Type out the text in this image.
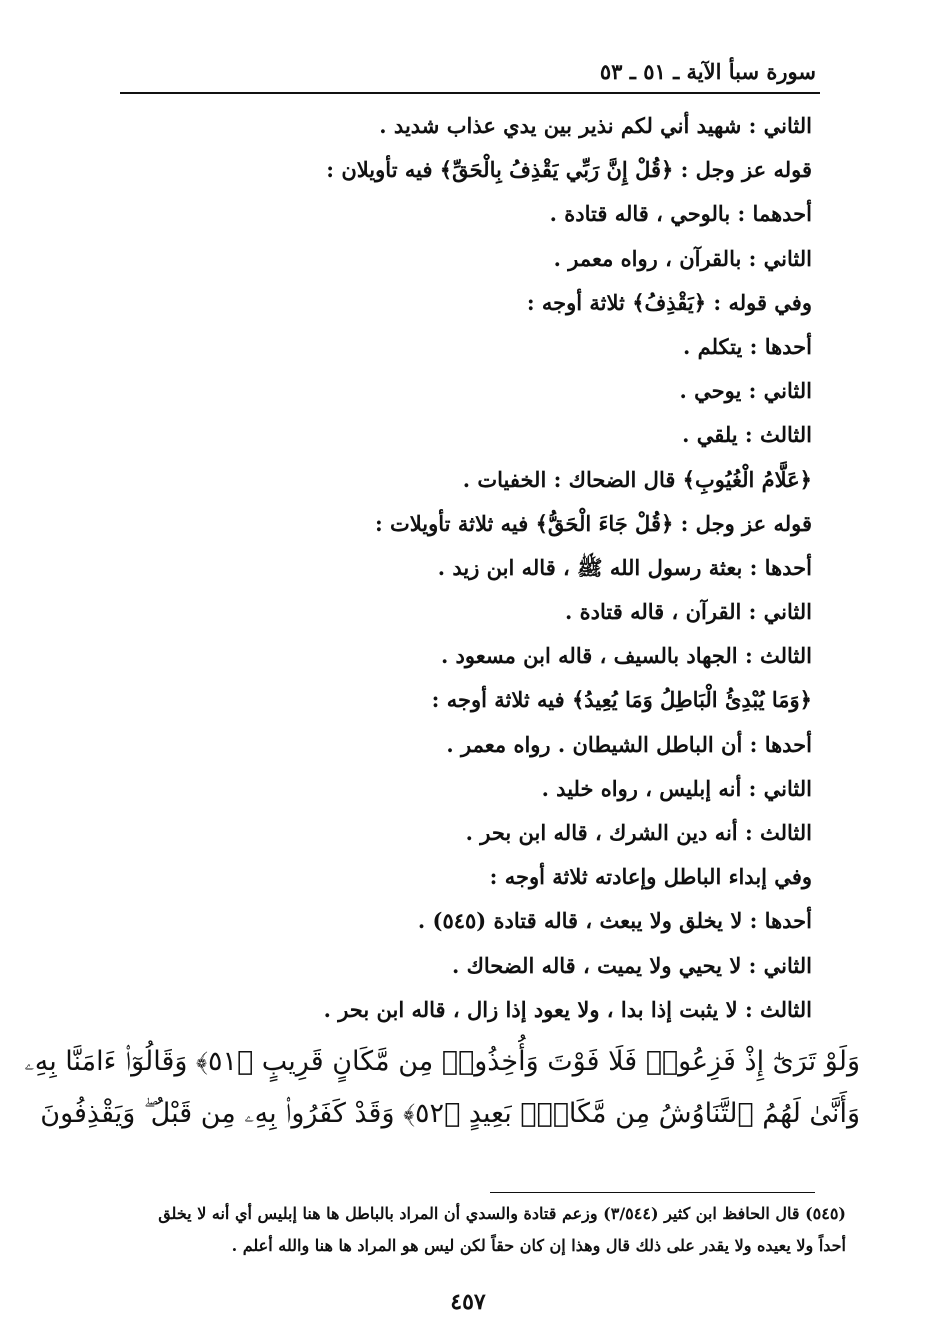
سورة سبأ الآية ـ ٥١ ـ ٥٣
الثاني : شهيد أني لكم نذير بين يدي عذاب شديد .
قوله عز وجل : ﴿قُلْ إِنَّ رَبِّي يَقْذِفُ بِالْحَقِّ﴾ فيه تأويلان :
أحدهما : بالوحي ، قاله قتادة .
الثاني : بالقرآن ، رواه معمر .
وفي قوله : ﴿يَقْذِفُ﴾ ثلاثة أوجه :
أحدها : يتكلم .
الثاني : يوحي .
الثالث : يلقي .
﴿عَلَّامُ الْغُيُوبِ﴾ قال الضحاك : الخفيات .
قوله عز وجل : ﴿قُلْ جَاءَ الْحَقُّ﴾ فيه ثلاثة تأويلات :
أحدها : بعثة رسول الله ﷺ ، قاله ابن زيد .
الثاني : القرآن ، قاله قتادة .
الثالث : الجهاد بالسيف ، قاله ابن مسعود .
﴿وَمَا يُبْدِئُ الْبَاطِلُ وَمَا يُعِيدُ﴾ فيه ثلاثة أوجه :
أحدها : أن الباطل الشيطان . رواه معمر .
الثاني : أنه إبليس ، رواه خليد .
الثالث : أنه دين الشرك ، قاله ابن بحر .
وفي إبداء الباطل وإعادته ثلاثة أوجه :
أحدها : لا يخلق ولا يبعث ، قاله قتادة (٥٤٥) .
الثاني : لا يحيي ولا يميت ، قاله الضحاك .
الثالث : لا يثبت إذا بدا ، ولا يعود إذا زال ، قاله ابن بحر .
وَلَوْ تَرَىٰٓ إِذْ فَزِعُوا۟ فَلَا فَوْتَ وَأُخِذُوا۟ مِن مَّكَانٍ قَرِيبٍ ﴿٥١﴾ وَقَالُوٓا۟ ءَامَنَّا بِهِۦ
وَأَنَّىٰ لَهُمُ ٱلتَّنَاوُشُ مِن مَّكَانٍۭ بَعِيدٍ ﴿٥٢﴾ وَقَدْ كَفَرُوا۟ بِهِۦ مِن قَبْلُ ۖ وَيَقْذِفُونَ
(٥٤٥) قال الحافظ ابن كثير (٣/٥٤٤) وزعم قتادة والسدي أن المراد بالباطل ها هنا إبليس أي أنه لا يخلق
أحداً ولا يعيده ولا يقدر على ذلك قال وهذا إن كان حقاً لكن ليس هو المراد ها هنا والله أعلم .
٤٥٧
